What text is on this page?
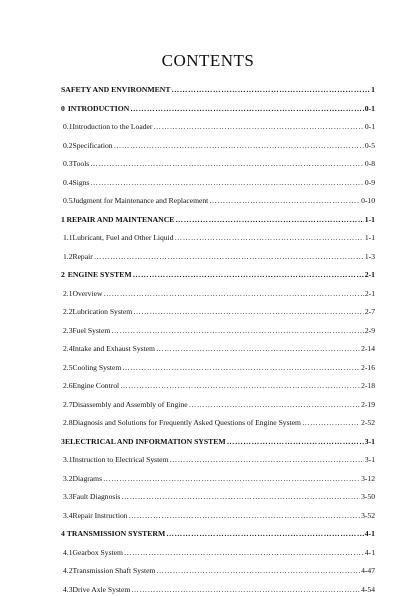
CONTENTS
SAFETY AND ENVIRONMENT ……………………………………………………………………………………………………………………………………………………………………	1
0 INTRODUCTION ……………………………………………………………………………………………………………………………………………………………………	0-1
0.1 Introduction to the Loader ……………………………………………………………………………………………………………………………………………………………………	0-1
0.2 Specification ……………………………………………………………………………………………………………………………………………………………………	0-5
0.3 Tools ……………………………………………………………………………………………………………………………………………………………………	0-8
0.4 Signs ……………………………………………………………………………………………………………………………………………………………………	0-9
0.5 Judgment for Maintenance and Replacement ……………………………………………………………………………………………………………………………………………………………………	0-10
1 REPAIR AND MAINTENANCE ……………………………………………………………………………………………………………………………………………………………………	1-1
1.1 Lubricant, Fuel and Other Liquid ……………………………………………………………………………………………………………………………………………………………………	1-1
1.2 Repair ……………………………………………………………………………………………………………………………………………………………………	1-3
2 ENGINE SYSTEM ……………………………………………………………………………………………………………………………………………………………………	2-1
2.1 Overview ……………………………………………………………………………………………………………………………………………………………………	2-1
2.2 Lubrication System ……………………………………………………………………………………………………………………………………………………………………	2-7
2.3 Fuel System ……………………………………………………………………………………………………………………………………………………………………	2-9
2.4 Intake and Exhaust System ……………………………………………………………………………………………………………………………………………………………………	2-14
2.5 Cooling System ……………………………………………………………………………………………………………………………………………………………………	2-16
2.6 Engine Control ……………………………………………………………………………………………………………………………………………………………………	2-18
2.7 Disassembly and Assembly of Engine ……………………………………………………………………………………………………………………………………………………………………	2-19
2.8 Diagnosis and Solutions for Frequently Asked Questions of Engine System ……………………………………………………………………………………………………………………………………………………………………	2-52
3 ELECTRICAL AND INFORMATION SYSTEM ……………………………………………………………………………………………………………………………………………………………………	3-1
3.1 Instruction to Electrical System ……………………………………………………………………………………………………………………………………………………………………	3-1
3.2 Diagrams ……………………………………………………………………………………………………………………………………………………………………	3-12
3.3 Fault Diagnosis ……………………………………………………………………………………………………………………………………………………………………	3-50
3.4 Repair Instruction ……………………………………………………………………………………………………………………………………………………………………	3-52
4 TRANSMISSION SYSTERM ……………………………………………………………………………………………………………………………………………………………………	4-1
4.1 Gearbox System ……………………………………………………………………………………………………………………………………………………………………	4-1
4.2 Transmission Shaft System ……………………………………………………………………………………………………………………………………………………………………	4-47
4.3 Drive Axle System ……………………………………………………………………………………………………………………………………………………………………	4-54
